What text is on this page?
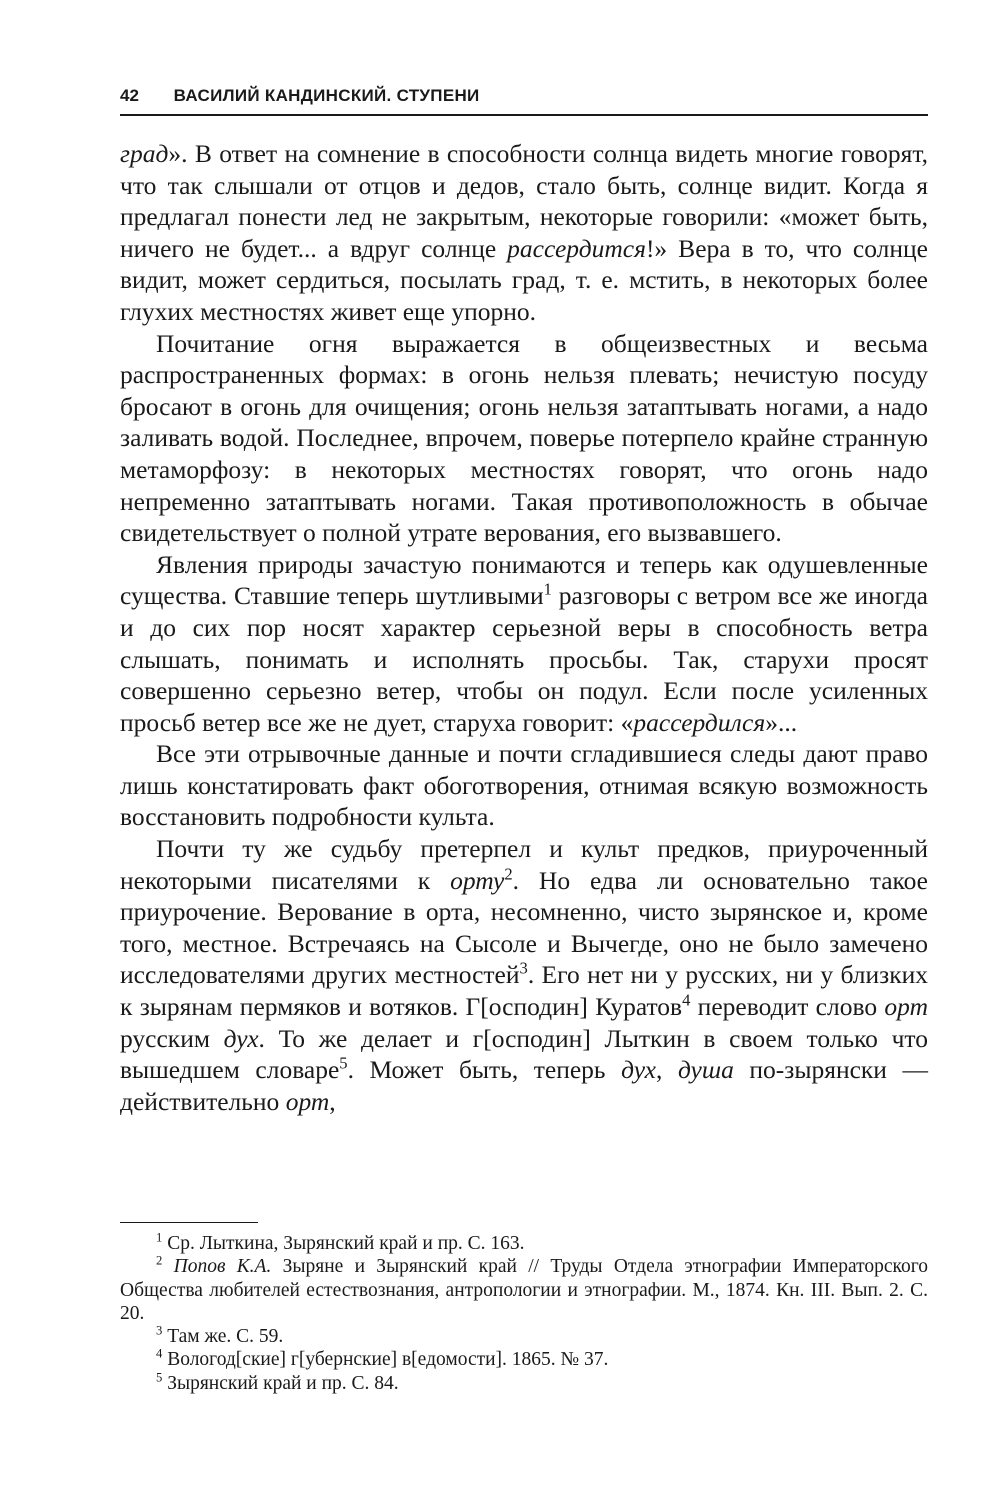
42 ВАСИЛИЙ КАНДИНСКИЙ. СТУПЕНИ

град». В ответ на сомнение в способности солнца видеть многие говорят, что так слышали от отцов и дедов, стало быть, солнце видит. Когда я предлагал понести лед не закрытым, некоторые говорили: «может быть, ничего не будет... а вдруг солнце рассердится!» Вера в то, что солнце видит, может сердиться, посылать град, т. е. мстить, в некоторых более глухих местностях живет еще упорно.

Почитание огня выражается в общеизвестных и весьма распространенных формах: в огонь нельзя плевать; нечистую посуду бросают в огонь для очищения; огонь нельзя затаптывать ногами, а надо заливать водой. Последнее, впрочем, поверье потерпело крайне странную метаморфозу: в некоторых местностях говорят, что огонь надо непременно затаптывать ногами. Такая противоположность в обычае свидетельствует о полной утрате верования, его вызвавшего.

Явления природы зачастую понимаются и теперь как одушевленные существа. Ставшие теперь шутливыми$^1$ разговоры с ветром все же иногда и до сих пор носят характер серьезной веры в способность ветра слышать, понимать и исполнять просьбы. Так, старухи просят совершенно серьезно ветер, чтобы он подул. Если после усиленных просьб ветер все же не дует, старуха говорит: «рассердился»...

Все эти отрывочные данные и почти сгладившиеся следы дают право лишь констатировать факт обоготворения, отнимая всякую возможность восстановить подробности культа.

Почти ту же судьбу претерпел и культ предков, приуроченный некоторыми писателями к орту$^2$. Но едва ли основательно такое приурочение. Верование в орта, несомненно, чисто зырянское и, кроме того, местное. Встречаясь на Сысоле и Вычегде, оно не было замечено исследователями других местностей$^3$. Его нет ни у русских, ни у близких к зырянам пермяков и вотяков. Г[осподин] Куратов$^4$ переводит слово орт русским дух. То же делает и г[осподин] Лыткин в своем только что вышедшем словаре$^5$. Может быть, теперь дух, душа по-зырянски — действительно орт,

$^1$ Ср. Лыткина, Зырянский край и пр. С. 163.

$^2$ Попов К.А. Зыряне и Зырянский край // Труды Отдела этнографии Императорского Общества любителей естествознания, антропологии и этнографии. М., 1874. Кн. III. Вып. 2. С. 20.

$^3$ Там же. С. 59.

$^4$ Вологод[ские] г[убернские] в[едомости]. 1865. № 37.

$^5$ Зырянский край и пр. С. 84.
